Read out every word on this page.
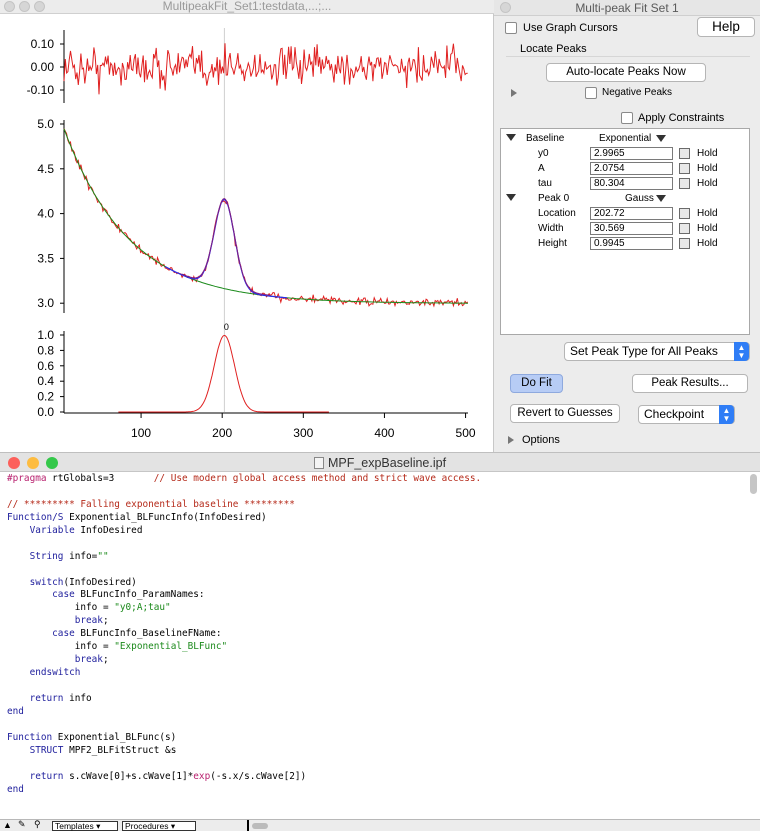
MultipeakFit_Set1:testdata,...;...
0.10
0.00
-0.10
5.0
4.5
4.0
3.5
3.0
1.0
0.8
0.6
0.4
0.2
0.0
100	200	300	400	500
0
Multi-peak Fit Set 1
Use Graph Cursors	Help
Locate Peaks
Auto-locate Peaks Now
Negative Peaks
Apply Constraints
Baseline	Exponential
y0	2.9965	Hold
A	2.0754	Hold
tau	80.304	Hold
Peak 0	Gauss
Location	202.72	Hold
Width	30.569	Hold
Height	0.9945	Hold
Set Peak Type for All Peaks	▲
▼
Do Fit	Peak Results...
Revert to Guesses	Checkpoint	▲
▼
Options
MPF_expBaseline.ipf
#pragma rtGlobals=3       // Use modern global access method and strict wave access.

// ********* Falling exponential baseline *********
Function/S Exponential_BLFuncInfo(InfoDesired)
Variable InfoDesired

String info=""

switch(InfoDesired)
case BLFuncInfo_ParamNames:
info = "y0;A;tau"
break;
case BLFuncInfo_BaselineFName:
info = "Exponential_BLFunc"
break;
endswitch

return info
end

Function Exponential_BLFunc(s)
STRUCT MPF2_BLFitStruct &s

return s.cWave[0]+s.cWave[1]*exp(-s.x/s.cWave[2])
end
▲ ✎ ⚲	Templates ▾	Procedures ▾
